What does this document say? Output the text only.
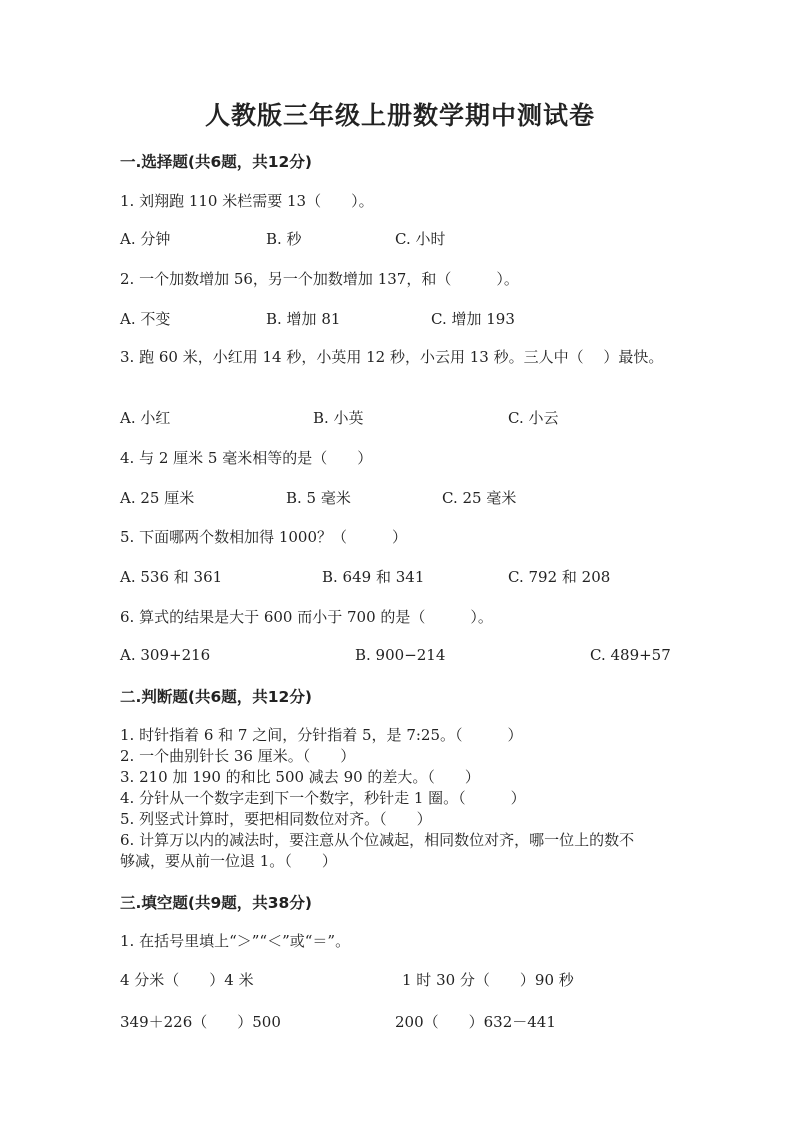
人教版三年级上册数学期中测试卷
一.选择题(共6题，共12分)
1. 刘翔跑 110 米栏需要 13（　　）。
A. 分钟	B. 秒	C. 小时
2. 一个加数增加 56，另一个加数增加 137，和（　　　）。
A. 不变	B. 增加 81	C. 增加 193
3. 跑 60 米，小红用 14 秒，小英用 12 秒，小云用 13 秒。三人中（　 ）最快。
A. 小红	B. 小英	C. 小云
4. 与 2 厘米 5 毫米相等的是（　　）
A. 25 厘米	B. 5 毫米	C. 25 毫米
5. 下面哪两个数相加得 1000？（　　　）
A. 536 和 361	B. 649 和 341	C. 792 和 208
6. 算式的结果是大于 600 而小于 700 的是（　　　）。
A. 309+216	B. 900−214	C. 489+57
二.判断题(共6题，共12分)
1. 时针指着 6 和 7 之间，分针指着 5，是 7:25。（　　　）
2. 一个曲别针长 36 厘米。（　　）
3. 210 加 190 的和比 500 减去 90 的差大。（　　）
4. 分针从一个数字走到下一个数字，秒针走 1 圈。（　　　）
5. 列竖式计算时，要把相同数位对齐。（　　）
6. 计算万以内的减法时，要注意从个位减起，相同数位对齐，哪一位上的数不
够减，要从前一位退 1。（　　）
三.填空题(共9题，共38分)
1. 在括号里填上“＞”“＜”或“＝”。
4 分米（　　）4 米	1 时 30 分（　　）90 秒
349＋226（　　）500	200（　　）632－441
